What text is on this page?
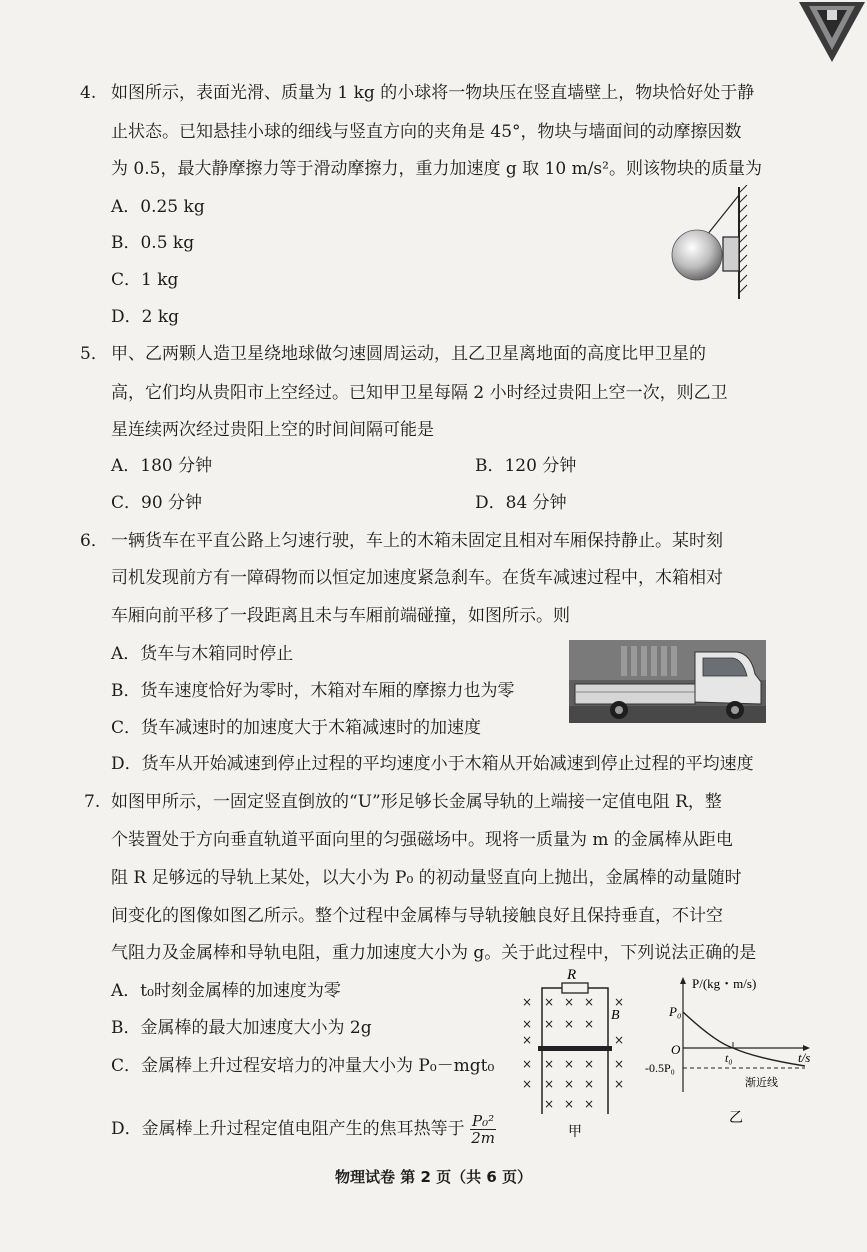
4. 如图所示，表面光滑、质量为 1 kg 的小球将一物块压在竖直墙壁上，物块恰好处于静
止状态。已知悬挂小球的细线与竖直方向的夹角是 45°，物块与墙面间的动摩擦因数
为 0.5，最大静摩擦力等于滑动摩擦力，重力加速度 g 取 10 m/s²。则该物块的质量为
A．0.25 kg
B．0.5 kg
C．1 kg
D．2 kg
5． 甲、乙两颗人造卫星绕地球做匀速圆周运动，且乙卫星离地面的高度比甲卫星的
高，它们均从贵阳市上空经过。已知甲卫星每隔 2 小时经过贵阳上空一次，则乙卫
星连续两次经过贵阳上空的时间间隔可能是
A．180 分钟	B．120 分钟
C．90 分钟	D．84 分钟
6． 一辆货车在平直公路上匀速行驶，车上的木箱未固定且相对车厢保持静止。某时刻
司机发现前方有一障碍物而以恒定加速度紧急刹车。在货车减速过程中，木箱相对
车厢向前平移了一段距离且未与车厢前端碰撞，如图所示。则
A．货车与木箱同时停止
B．货车速度恰好为零时，木箱对车厢的摩擦力也为零
C．货车减速时的加速度大于木箱减速时的加速度
D．货车从开始减速到停止过程的平均速度小于木箱从开始减速到停止过程的平均速度
7. 如图甲所示，一固定竖直倒放的“U”形足够长金属导轨的上端接一定值电阻 R，整
个装置处于方向垂直轨道平面向里的匀强磁场中。现将一质量为 m 的金属棒从距电
阻 R 足够远的导轨上某处，以大小为 P₀ 的初动量竖直向上抛出，金属棒的动量随时
间变化的图像如图乙所示。整个过程中金属棒与导轨接触良好且保持垂直，不计空
气阻力及金属棒和导轨电阻，重力加速度大小为 g。关于此过程中，下列说法正确的是
A．t₀时刻金属棒的加速度为零
B．金属棒的最大加速度大小为 2g
C．金属棒上升过程安培力的冲量大小为 P₀－mgt₀
D．金属棒上升过程定值电阻产生的焦耳热等于 $\frac{\text{P₀²}}{2m}$
R
B
× × × × ×
× × × ×
×	×
× × × × ×
× × × × ×
× × ×
甲
P/(kg・m/s)
t/s
P₀
O
-0.5P₀
t₀
渐近线
乙
物理试卷 第 2 页（共 6 页）
